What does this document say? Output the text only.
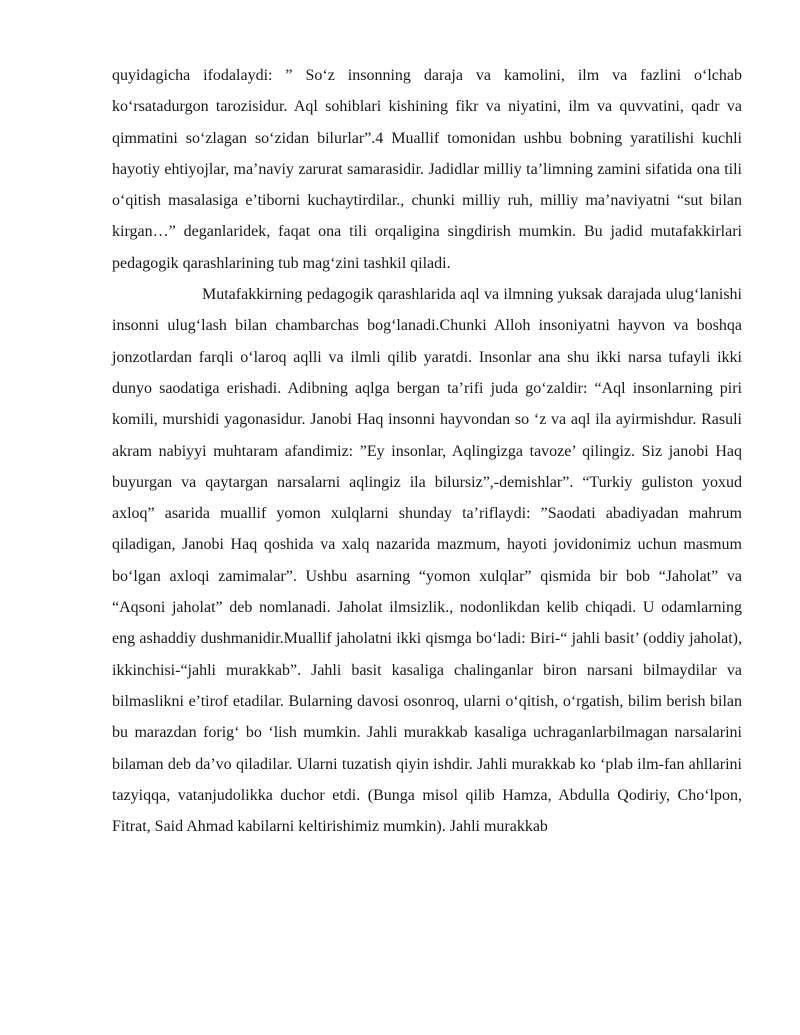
quyidagicha ifodalaydi: ” So‘z insonning daraja va kamolini, ilm va fazlini o‘lchab ko‘rsatadurgon tarozisidur. Aql sohiblari kishining fikr va niyatini, ilm va quvvatini, qadr va qimmatini so‘zlagan so‘zidan bilurlar”.4 Muallif tomonidan ushbu bobning yaratilishi kuchli hayotiy ehtiyojlar, ma’naviy zarurat samarasidir. Jadidlar milliy ta’limning zamini sifatida ona tili o‘qitish masalasiga e’tiborni kuchaytirdilar., chunki milliy ruh, milliy ma’naviyatni “sut bilan kirgan…” deganlaridek, faqat ona tili orqaligina singdirish mumkin. Bu jadid mutafakkirlari pedagogik qarashlarining tub mag‘zini tashkil qiladi.

Mutafakkirning pedagogik qarashlarida aql va ilmning yuksak darajada ulug‘lanishi insonni ulug‘lash bilan chambarchas bog‘lanadi.Chunki Alloh insoniyatni hayvon va boshqa jonzotlardan farqli o‘laroq aqlli va ilmli qilib yaratdi. Insonlar ana shu ikki narsa tufayli ikki dunyo saodatiga erishadi. Adibning aqlga bergan ta’rifi juda go‘zaldir: “Aql insonlarning piri komili, murshidi yagonasidur. Janobi Haq insonni hayvondan so ‘z va aql ila ayirmishdur. Rasuli akram nabiyyi muhtaram afandimiz: ”Ey insonlar, Aqlingizga tavoze’ qilingiz. Siz janobi Haq buyurgan va qaytargan narsalarni aqlingiz ila bilursiz”,-demishlar”. “Turkiy guliston yoxud axloq” asarida muallif yomon xulqlarni shunday ta’riflaydi: ”Saodati abadiyadan mahrum qiladigan, Janobi Haq qoshida va xalq nazarida mazmum, hayoti jovidonimiz uchun masmum bo‘lgan axloqi zamimalar”. Ushbu asarning “yomon xulqlar” qismida bir bob “Jaholat” va “Aqsoni jaholat” deb nomlanadi. Jaholat ilmsizlik., nodonlikdan kelib chiqadi. U odamlarning eng ashaddiy dushmanidir.Muallif jaholatni ikki qismga bo‘ladi: Biri-“ jahli basit’ (oddiy jaholat), ikkinchisi-“jahli murakkab”. Jahli basit kasaliga chalinganlar biron narsani bilmaydilar va bilmaslikni e’tirof etadilar. Bularning davosi osonroq, ularni o‘qitish, o‘rgatish, bilim berish bilan bu marazdan forig‘ bo ‘lish mumkin. Jahli murakkab kasaliga uchraganlarbilmagan narsalarini bilaman deb da’vo qiladilar. Ularni tuzatish qiyin ishdir. Jahli murakkab ko ‘plab ilm-fan ahllarini tazyiqqa, vatanjudolikka duchor etdi. (Bunga misol qilib Hamza, Abdulla Qodiriy, Cho‘lpon, Fitrat, Said Ahmad kabilarni keltirishimiz mumkin). Jahli murakkab
